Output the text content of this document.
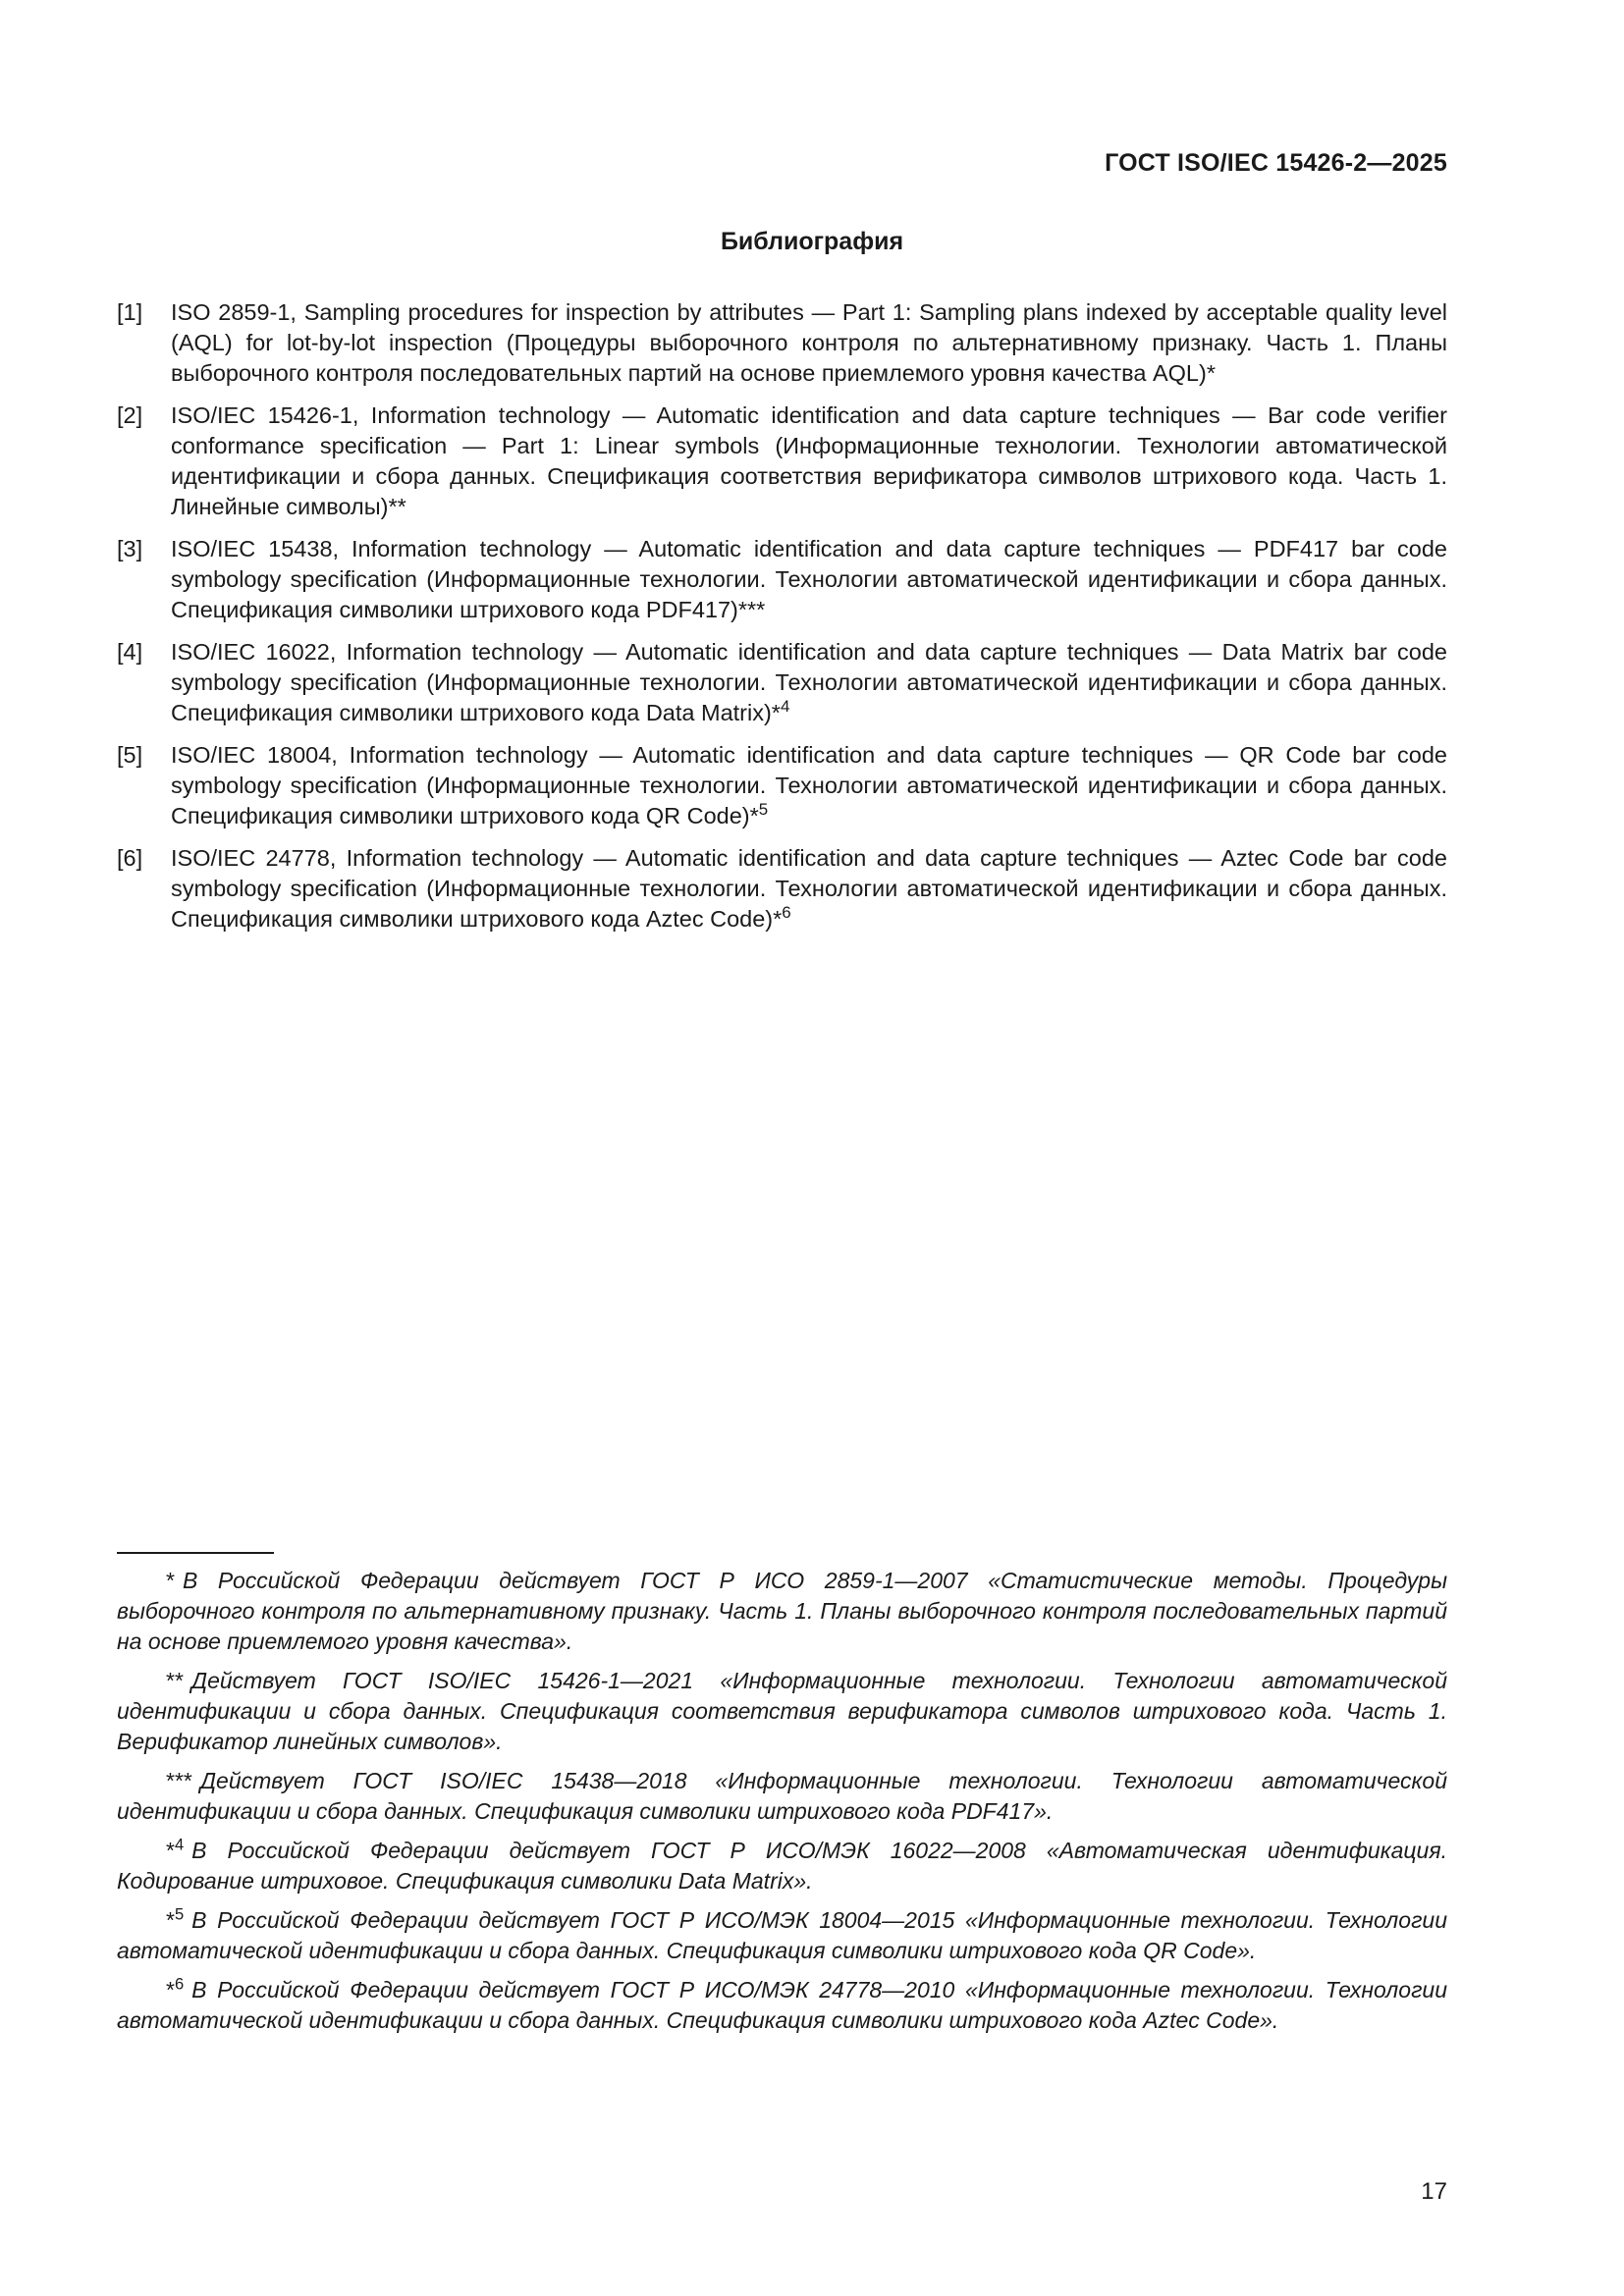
ГОСТ ISO/IEC 15426-2—2025
Библиография
[1]	ISO 2859-1, Sampling procedures for inspection by attributes — Part 1: Sampling plans indexed by acceptable quality level (AQL) for lot-by-lot inspection (Процедуры выборочного контроля по альтернативному признаку. Часть 1. Планы выборочного контроля последовательных партий на основе приемлемого уровня качества AQL)*
[2]	ISO/IEC 15426-1, Information technology — Automatic identification and data capture techniques — Bar code verifier conformance specification — Part 1: Linear symbols (Информационные технологии. Технологии автоматической идентификации и сбора данных. Спецификация соответствия верификатора символов штрихового кода. Часть 1. Линейные символы)**
[3]	ISO/IEC 15438, Information technology — Automatic identification and data capture techniques — PDF417 bar code symbology specification (Информационные технологии. Технологии автоматической идентификации и сбора данных. Спецификация символики штрихового кода PDF417)***
[4]	ISO/IEC 16022, Information technology — Automatic identification and data capture techniques — Data Matrix bar code symbology specification (Информационные технологии. Технологии автоматической идентификации и сбора данных. Спецификация символики штрихового кода Data Matrix)*$^4$
[5]	ISO/IEC 18004, Information technology — Automatic identification and data capture techniques — QR Code bar code symbology specification (Информационные технологии. Технологии автоматической идентификации и сбора данных. Спецификация символики штрихового кода QR Code)*$^5$
[6]	ISO/IEC 24778, Information technology — Automatic identification and data capture techniques — Aztec Code bar code symbology specification (Информационные технологии. Технологии автоматической идентификации и сбора данных. Спецификация символики штрихового кода Aztec Code)*$^6$
* В Российской Федерации действует ГОСТ Р ИСО 2859-1—2007 «Статистические методы. Процедуры выборочного контроля по альтернативному признаку. Часть 1. Планы выборочного контроля последовательных партий на основе приемлемого уровня качества».
** Действует ГОСТ ISO/IEC 15426-1—2021 «Информационные технологии. Технологии автоматической идентификации и сбора данных. Спецификация соответствия верификатора символов штрихового кода. Часть 1. Верификатор линейных символов».
*** Действует ГОСТ ISO/IEC 15438—2018 «Информационные технологии. Технологии автоматической идентификации и сбора данных. Спецификация символики штрихового кода PDF417».
*$^4$ В Российской Федерации действует ГОСТ Р ИСО/МЭК 16022—2008 «Автоматическая идентификация. Кодирование штриховое. Спецификация символики Data Matrix».
*$^5$ В Российской Федерации действует ГОСТ Р ИСО/МЭК 18004—2015 «Информационные технологии. Технологии автоматической идентификации и сбора данных. Спецификация символики штрихового кода QR Code».
*$^6$ В Российской Федерации действует ГОСТ Р ИСО/МЭК 24778—2010 «Информационные технологии. Технологии автоматической идентификации и сбора данных. Спецификация символики штрихового кода Aztec Code».
17
